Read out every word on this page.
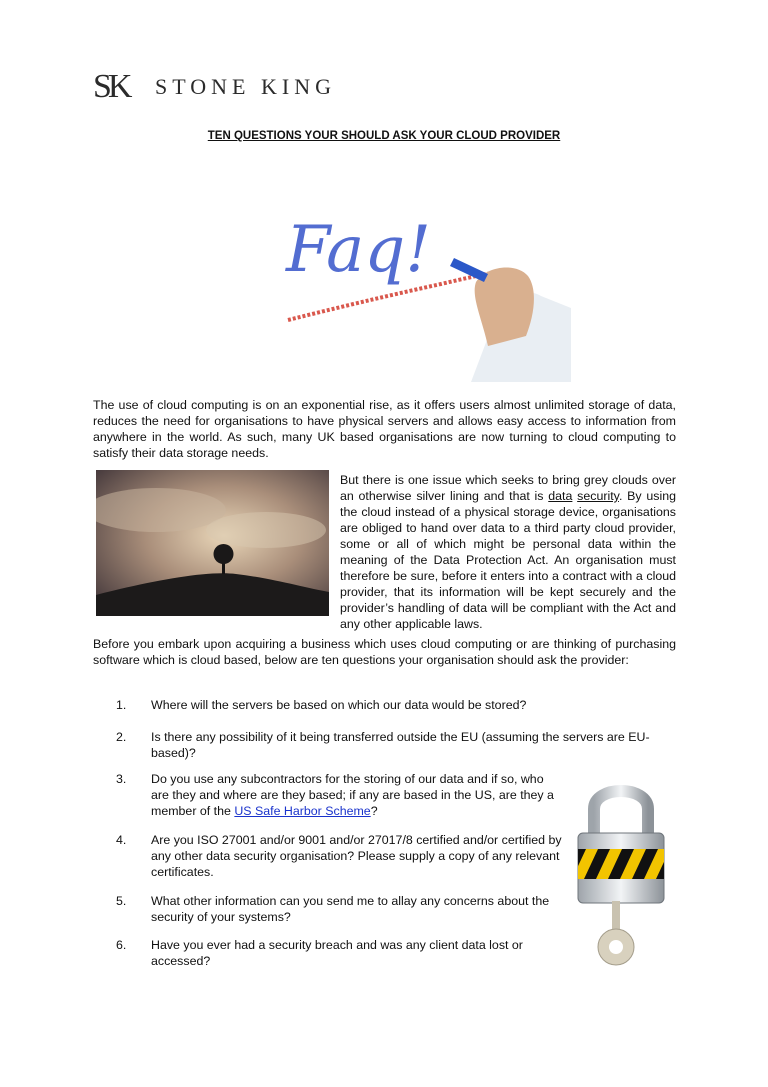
SK STONE KING
TEN QUESTIONS YOUR SHOULD ASK YOUR CLOUD PROVIDER
Faq!
The use of cloud computing is on an exponential rise, as it offers users almost unlimited storage of data, reduces the need for organisations to have physical servers and allows easy access to information from anywhere in the world. As such, many UK based organisations are now turning to cloud computing to satisfy their data storage needs.
But there is one issue which seeks to bring grey clouds over an otherwise silver lining and that is data security. By using the cloud instead of a physical storage device, organisations are obliged to hand over data to a third party cloud provider, some or all of which might be personal data within the meaning of the Data Protection Act. An organisation must therefore be sure, before it enters into a contract with a cloud provider, that its information will be kept securely and the provider’s handling of data will be compliant with the Act and any other applicable laws.
Before you embark upon acquiring a business which uses cloud computing or are thinking of purchasing software which is cloud based, below are ten questions your organisation should ask the provider:
1.	Where will the servers be based on which our data would be stored?
2.	Is there any possibility of it being transferred outside the EU (assuming the servers are EU-based)?
3.	Do you use any subcontractors for the storing of our data and if so, who are they and where are they based; if any are based in the US, are they a member of the US Safe Harbor Scheme?
4.	Are you ISO 27001 and/or 9001 and/or 27017/8 certified and/or certified by any other data security organisation? Please supply a copy of any relevant certificates.
5.	What other information can you send me to allay any concerns about the security of your systems?
6.	Have you ever had a security breach and was any client data lost or accessed?
